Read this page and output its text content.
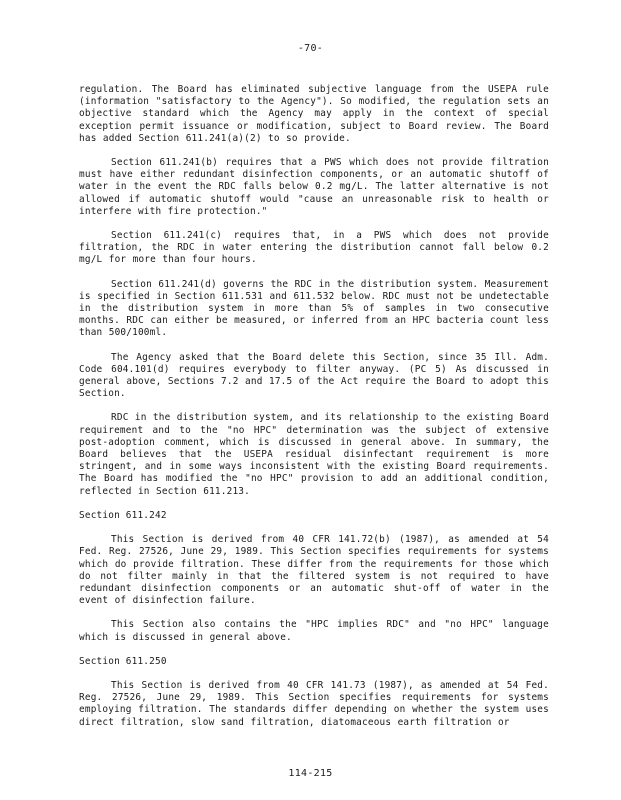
-70-

regulation. The Board has eliminated subjective language from the USEPA rule (information "satisfactory to the Agency"). So modified, the regulation sets an objective standard which the Agency may apply in the context of special exception permit issuance or modification, subject to Board review. The Board has added Section 611.241(a)(2) to so provide.

Section 611.241(b) requires that a PWS which does not provide filtration must have either redundant disinfection components, or an automatic shutoff of water in the event the RDC falls below 0.2 mg/L. The latter alternative is not allowed if automatic shutoff would "cause an unreasonable risk to health or interfere with fire protection."

Section 611.241(c) requires that, in a PWS which does not provide filtration, the RDC in water entering the distribution cannot fall below 0.2 mg/L for more than four hours.

Section 611.241(d) governs the RDC in the distribution system. Measurement is specified in Section 611.531 and 611.532 below. RDC must not be undetectable in the distribution system in more than 5% of samples in two consecutive months. RDC can either be measured, or inferred from an HPC bacteria count less than 500/100ml.

The Agency asked that the Board delete this Section, since 35 Ill. Adm. Code 604.101(d) requires everybody to filter anyway. (PC 5) As discussed in general above, Sections 7.2 and 17.5 of the Act require the Board to adopt this Section.

RDC in the distribution system, and its relationship to the existing Board requirement and to the "no HPC" determination was the subject of extensive post-adoption comment, which is discussed in general above. In summary, the Board believes that the USEPA residual disinfectant requirement is more stringent, and in some ways inconsistent with the existing Board requirements. The Board has modified the "no HPC" provision to add an additional condition, reflected in Section 611.213.

Section 611.242

This Section is derived from 40 CFR 141.72(b) (1987), as amended at 54 Fed. Reg. 27526, June 29, 1989. This Section specifies requirements for systems which do provide filtration. These differ from the requirements for those which do not filter mainly in that the filtered system is not required to have redundant disinfection components or an automatic shut-off of water in the event of disinfection failure.

This Section also contains the "HPC implies RDC" and "no HPC" language which is discussed in general above.

Section 611.250

This Section is derived from 40 CFR 141.73 (1987), as amended at 54 Fed. Reg. 27526, June 29, 1989. This Section specifies requirements for systems employing filtration. The standards differ depending on whether the system uses direct filtration, slow sand filtration, diatomaceous earth filtration or

114-215
